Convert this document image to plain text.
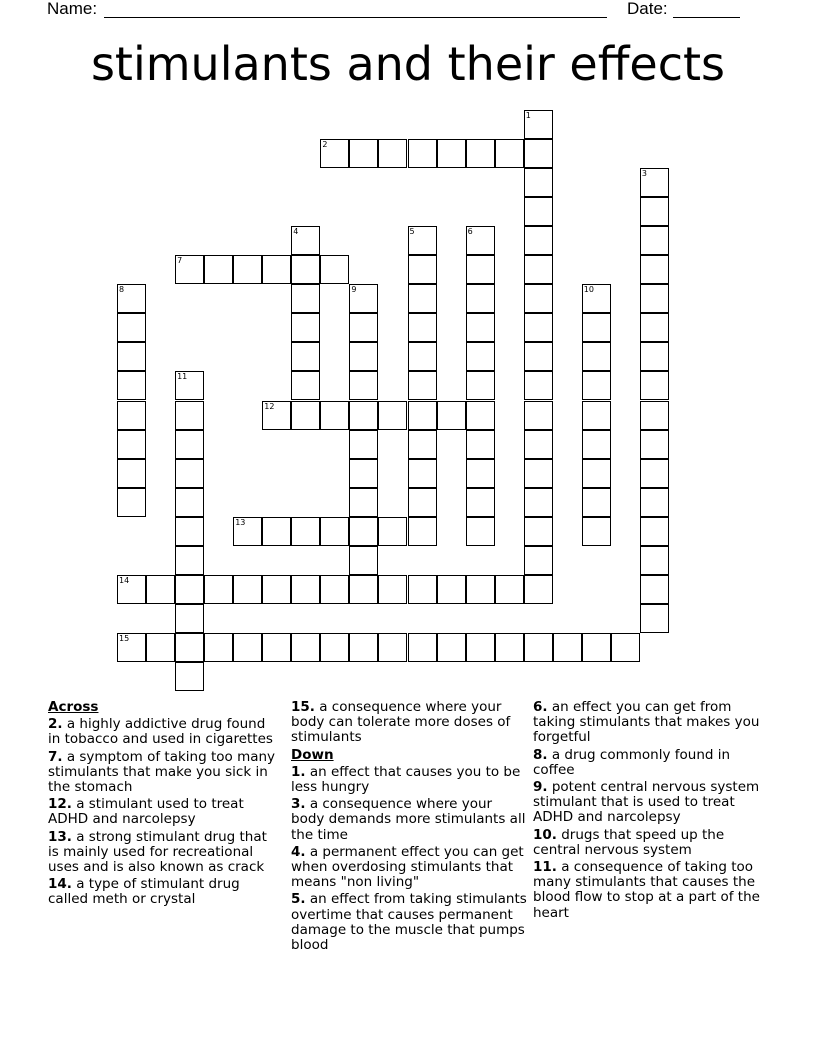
Name:	Date:
stimulants and their effects
1
2
3
4	5	6
7
8	9	10
11
12
13
14
15
Across
2. a highly addictive drug found in tobacco and used in cigarettes
7. a symptom of taking too many stimulants that make you sick in the stomach
12. a stimulant used to treat ADHD and narcolepsy
13. a strong stimulant drug that is mainly used for recreational uses and is also known as crack
14. a type of stimulant drug called meth or crystal
15. a consequence where your body can tolerate more doses of stimulants
Down
1. an effect that causes you to be less hungry
3. a consequence where your body demands more stimulants all the time
4. a permanent effect you can get when overdosing stimulants that means "non living"
5. an effect from taking stimulants overtime that causes permanent damage to the muscle that pumps blood
6. an effect you can get from taking stimulants that makes you forgetful
8. a drug commonly found in coffee
9. potent central nervous system stimulant that is used to treat ADHD and narcolepsy
10. drugs that speed up the central nervous system
11. a consequence of taking too many stimulants that causes the blood flow to stop at a part of the heart
